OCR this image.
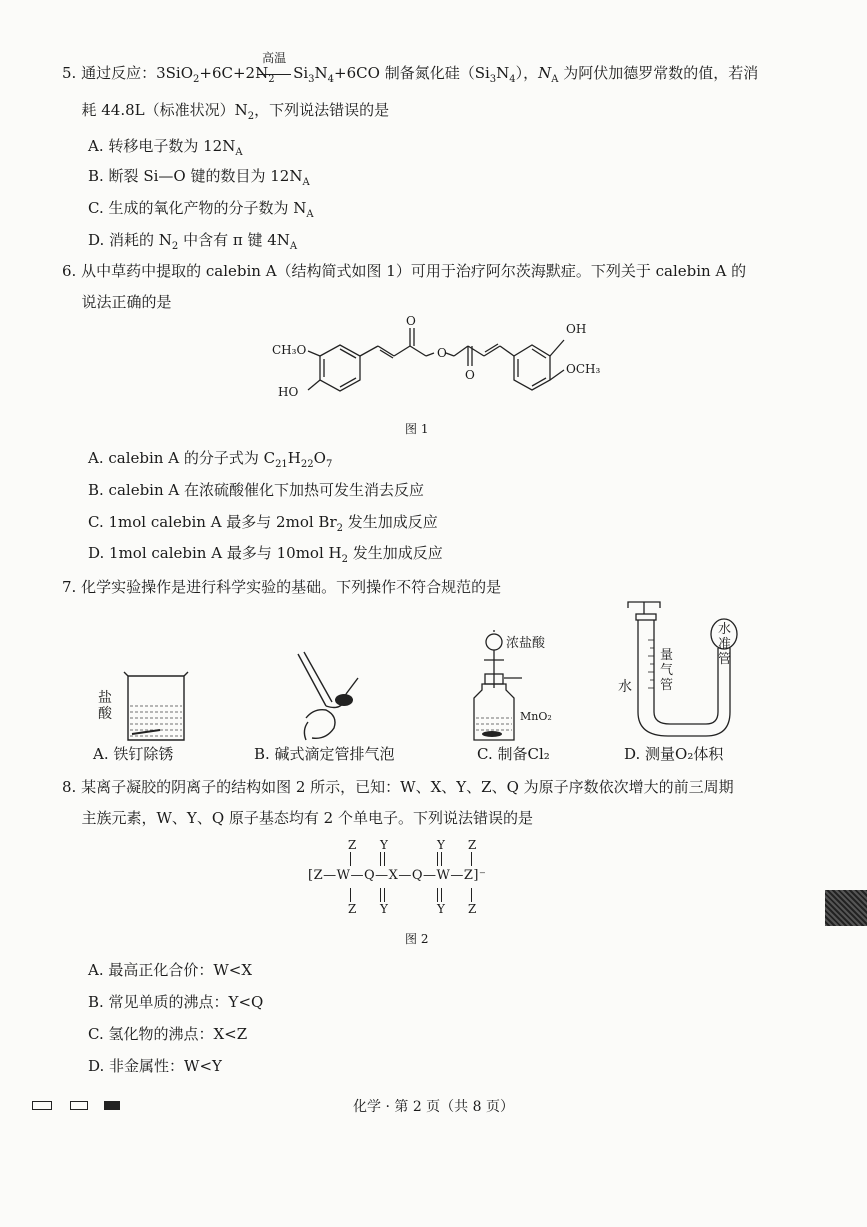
5. 通过反应：$3SiO_2+6C+2N_2$
高温
$Si_3N_4+6CO$ 制备氮化硅$(Si_3N_4)$，$N_A$ 为阿伏加德罗常数的值，若消
耗 44.8L（标准状况）$N_2$，下列说法错误的是
A. 转移电子数为 $12N_A$
B. 断裂 Si—O 键的数目为 $12N_A$
C. 生成的氧化产物的分子数为 $N_A$
D. 消耗的 $N_2$ 中含有 π 键 $4N_A$
6. 从中草药中提取的 calebin A（结构简式如图 1）可用于治疗阿尔茨海默症。下列关于 calebin A 的
说法正确的是
CH₃O
HO
O
O
O
OH
OCH₃
图 1
A. calebin A 的分子式为 $C_{21}H_{22}O_7$
B. calebin A 在浓硫酸催化下加热可发生消去反应
C. 1mol calebin A 最多与 2mol $Br_2$ 发生加成反应
D. 1mol calebin A 最多与 10mol $H_2$ 发生加成反应
7. 化学实验操作是进行科学实验的基础。下列操作不符合规范的是
盐酸
浓盐酸
MnO₂
水准管
量气管
水
A. 铁钉除锈	B. 碱式滴定管排气泡	C. 制备Cl₂	D. 测量O₂体积
8. 某离子凝胶的阴离子的结构如图 2 所示，已知：W、X、Y、Z、Q 为原子序数依次增大的前三周期
主族元素，W、Y、Q 原子基态均有 2 个单电子。下列说法错误的是
Z Y	Y Z
[Z—W—Q—X—Q—W—Z]⁻
Z Y	Y Z
图 2
A. 最高正化合价：W<X
B. 常见单质的沸点：Y<Q
C. 氢化物的沸点：X<Z
D. 非金属性：W<Y
化学 · 第 2 页（共 8 页）
